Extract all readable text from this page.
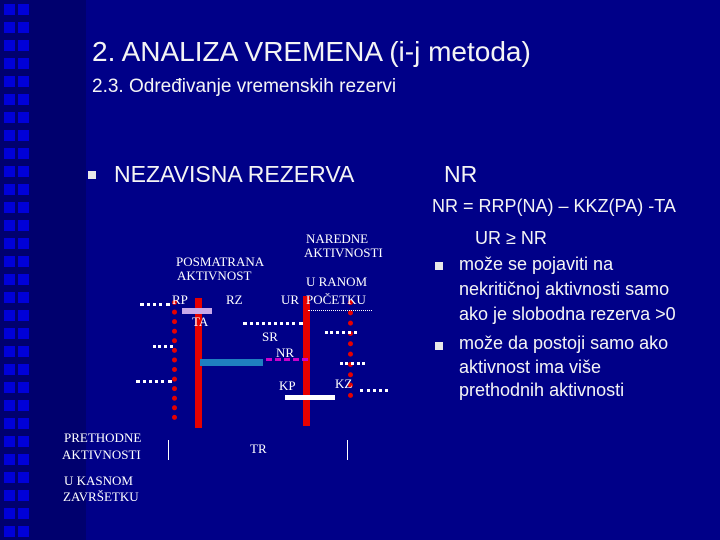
2. ANALIZA VREMENA (i-j metoda)
2.3. Određivanje vremenskih rezervi
NEZAVISNA REZERVA	NR
NR = RRP(NA) – KKZ(PA) -TA
UR ≥ NR
može se pojaviti na
nekritičnoj aktivnosti samo
ako je slobodna rezerva >0
može da postoji samo ako
aktivnost ima više
prethodnih aktivnosti
POSMATRANA
AKTIVNOST
NAREDNE
AKTIVNOSTI
U RANOM
POČETKU
RP	RZ	UR
TA
SR
NR
KP	KZ
PRETHODNE
AKTIVNOSTI
U KASNOM
ZAVRŠETKU
TR
